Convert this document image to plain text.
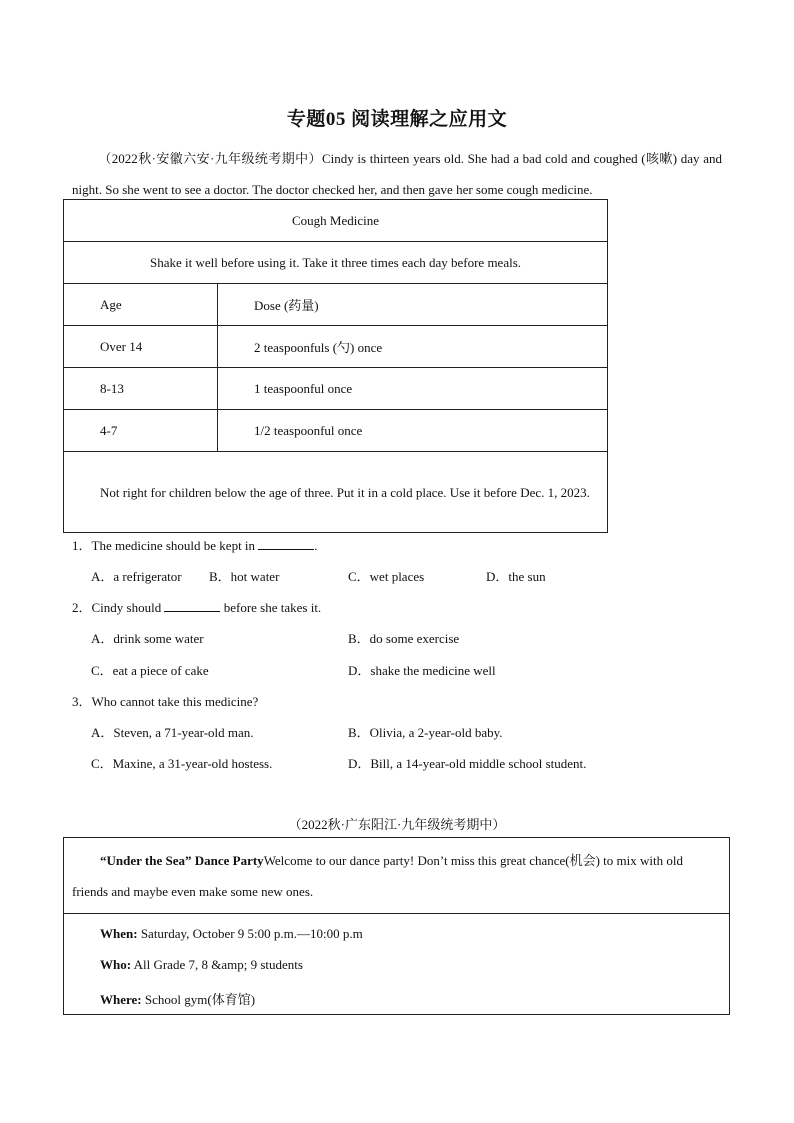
专题05 阅读理解之应用文
（2022秋·安徽六安·九年级统考期中）Cindy is thirteen years old. She had a bad cold and coughed (咳嗽) day and night. So she went to see a doctor. The doctor checked her, and then gave her some cough medicine.
Cough Medicine	
Shake it well before using it. Take it three times each day before meals.	
Age	Dose (药量)
Over 14	2 teaspoonfuls (勺) once
8-13	1 teaspoonful once
4-7	1/2 teaspoonful once
Not right for children below the age of three. Put it in a cold place. Use it before Dec. 1, 2023.	
1．The medicine should be kept in	.
A．a refrigerator B．hot water	C．wet places	D．the sun
2．Cindy should	before she takes it.
A．drink some water	B．do some exercise
C．eat a piece of cake	D．shake the medicine well
3．Who cannot take this medicine?
A．Steven, a 71-year-old man.	B．Olivia, a 2-year-old baby.
C．Maxine, a 31-year-old hostess.	D．Bill, a 14-year-old middle school student.
（2022秋·广东阳江·九年级统考期中）
“Under the Sea” Dance PartyWelcome to our dance party! Don’t miss this great chance(机会) to mix with old friends and maybe even make some new ones.
When: Saturday, October 9 5:00 p.m.—10:00 p.m
Who: All Grade 7, 8 &amp; 9 students
Where: School gym(体育馆)
